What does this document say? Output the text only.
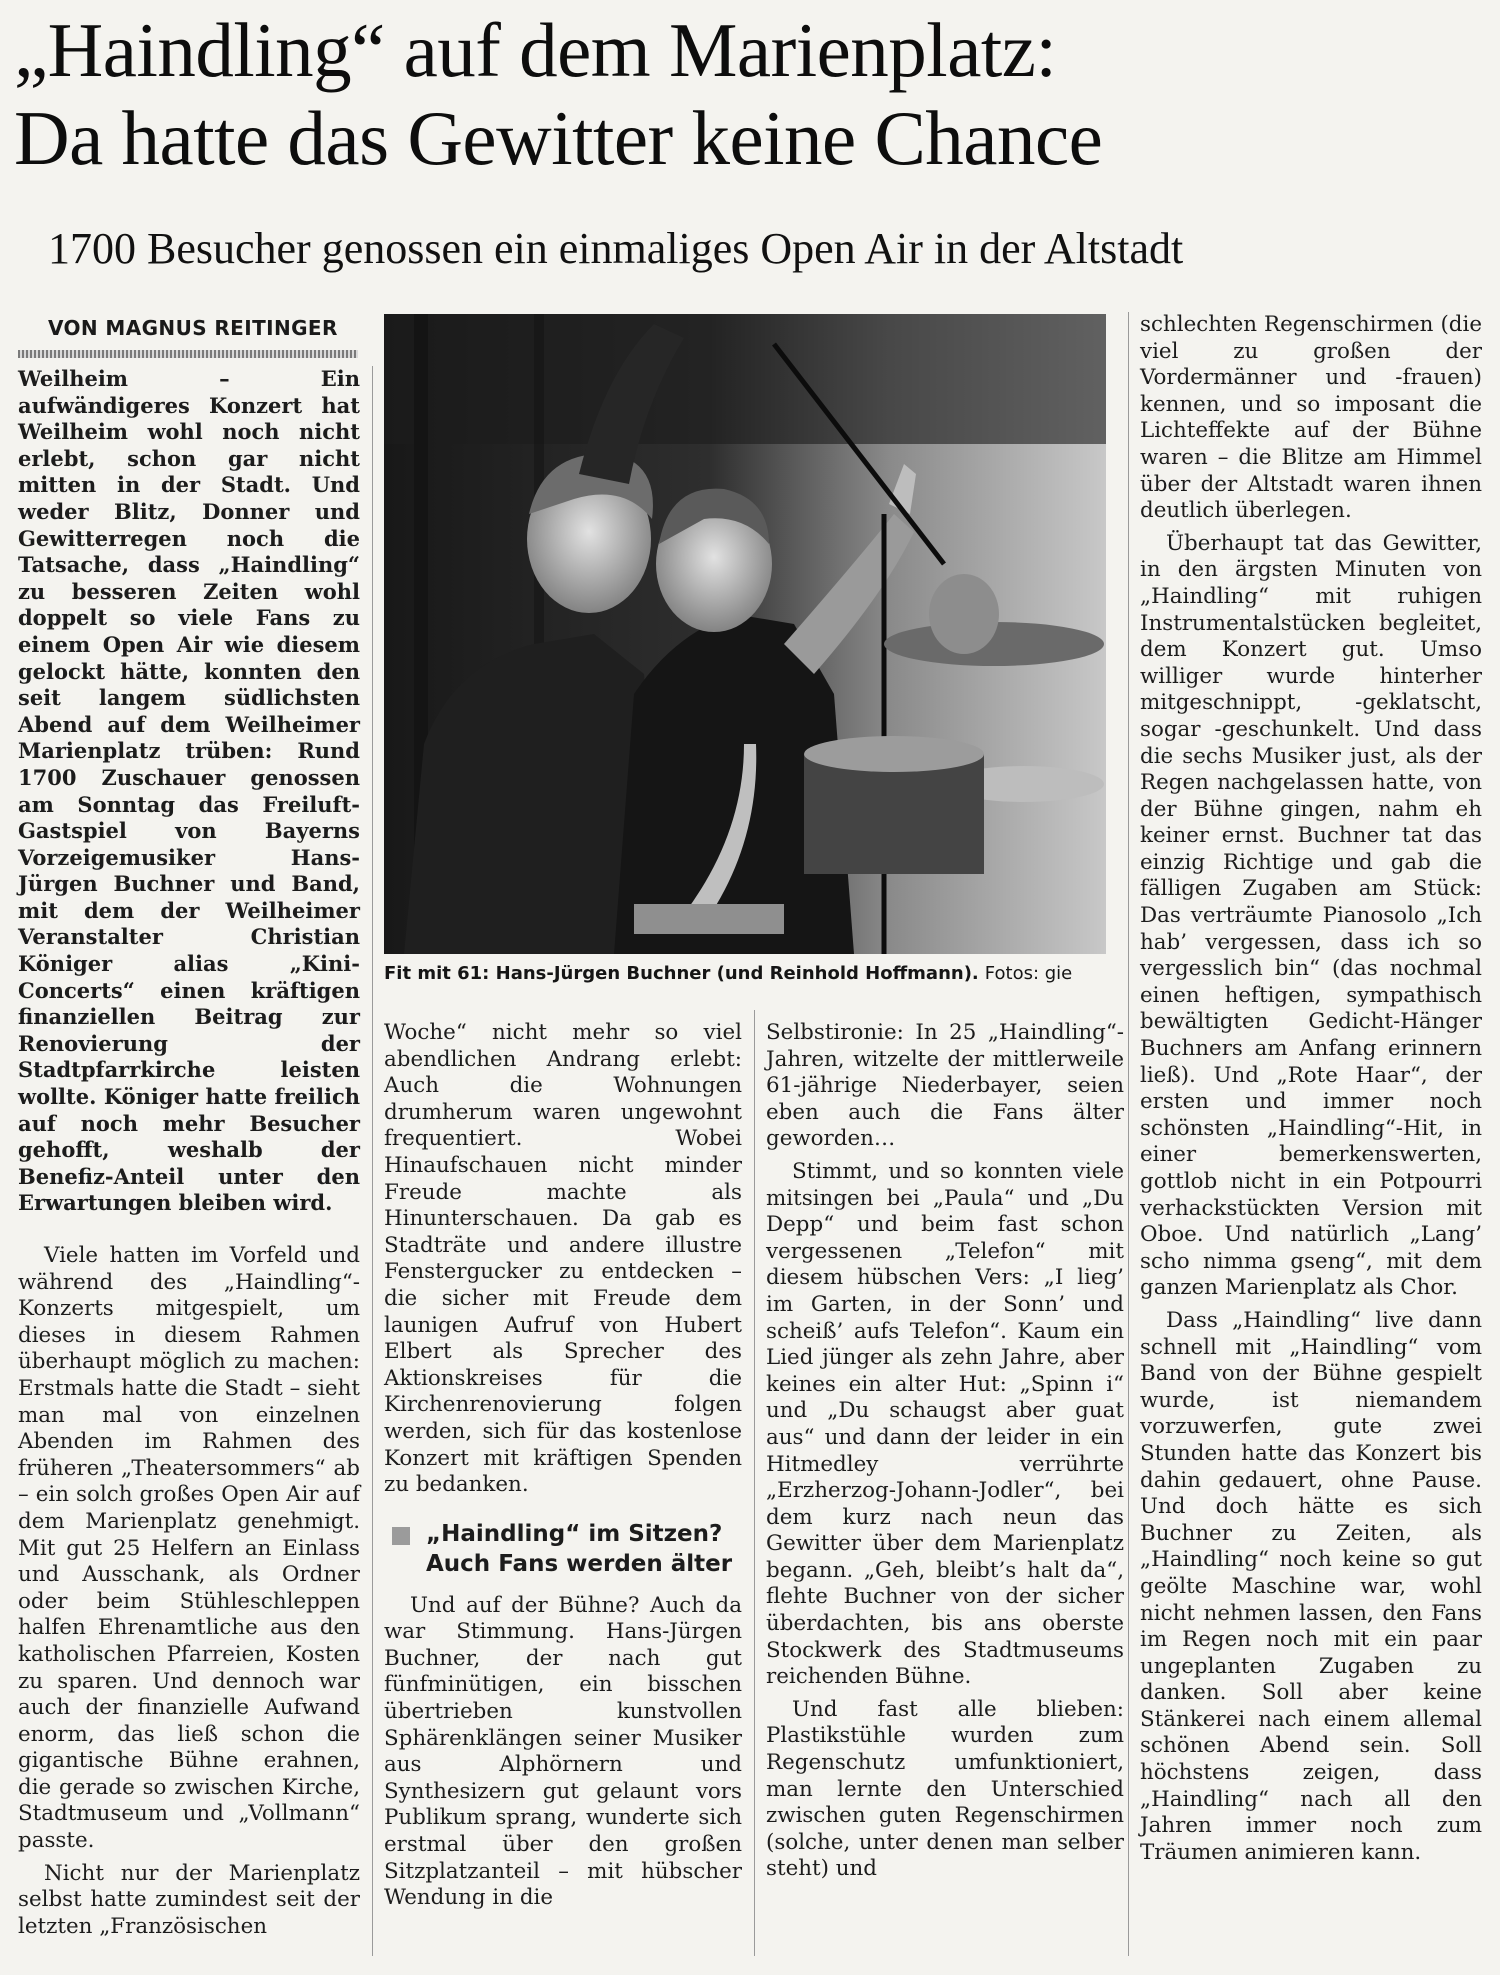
„Haindling“ auf dem Marienplatz:
Da hatte das Gewitter keine Chance
1700 Besucher genossen ein einmaliges Open Air in der Altstadt
VON MAGNUS REITINGER

Weilheim – Ein aufwändigeres Konzert hat Weilheim wohl noch nicht erlebt, schon gar nicht mitten in der Stadt. Und weder Blitz, Donner und Gewitterregen noch die Tatsache, dass „Haindling“ zu besseren Zeiten wohl doppelt so viele Fans zu einem Open Air wie diesem gelockt hätte, konnten den seit langem südlichsten Abend auf dem Weilheimer Marienplatz trüben: Rund 1700 Zuschauer genossen am Sonntag das Freiluft-Gastspiel von Bayerns Vorzeigemusiker Hans-Jürgen Buchner und Band, mit dem der Weilheimer Veranstalter Christian Königer alias „Kini-Concerts“ einen kräftigen finanziellen Beitrag zur Renovierung der Stadtpfarrkirche leisten wollte. Königer hatte freilich auf noch mehr Besucher gehofft, weshalb der Benefiz-Anteil unter den Erwartungen bleiben wird.

Viele hatten im Vorfeld und während des „Haindling“-Konzerts mitgespielt, um dieses in diesem Rahmen überhaupt möglich zu machen: Erstmals hatte die Stadt – sieht man mal von einzelnen Abenden im Rahmen des früheren „Theatersommers“ ab – ein solch großes Open Air auf dem Marienplatz genehmigt. Mit gut 25 Helfern an Einlass und Ausschank, als Ordner oder beim Stühleschleppen halfen Ehrenamtliche aus den katholischen Pfarreien, Kosten zu sparen. Und dennoch war auch der finanzielle Aufwand enorm, das ließ schon die gigantische Bühne erahnen, die gerade so zwischen Kirche, Stadtmuseum und „Vollmann“ passte.

Nicht nur der Marienplatz selbst hatte zumindest seit der letzten „Französischen

Fit mit 61: Hans-Jürgen Buchner (und Reinhold Hoffmann). Fotos: gie

Woche“ nicht mehr so viel abendlichen Andrang erlebt: Auch die Wohnungen drumherum waren ungewohnt frequentiert. Wobei Hinaufschauen nicht minder Freude machte als Hinunterschauen. Da gab es Stadträte und andere illustre Fenstergucker zu entdecken – die sicher mit Freude dem launigen Aufruf von Hubert Elbert als Sprecher des Aktionskreises für die Kirchenrenovierung folgen werden, sich für das kostenlose Konzert mit kräftigen Spenden zu bedanken.

„Haindling“ im Sitzen?
Auch Fans werden älter

Und auf der Bühne? Auch da war Stimmung. Hans-Jürgen Buchner, der nach gut fünfminütigen, ein bisschen übertrieben kunstvollen Sphärenklängen seiner Musiker aus Alphörnern und Synthesizern gut gelaunt vors Publikum sprang, wunderte sich erstmal über den großen Sitzplatzanteil – mit hübscher Wendung in die

Selbstironie: In 25 „Haindling“-Jahren, witzelte der mittlerweile 61-jährige Niederbayer, seien eben auch die Fans älter geworden…

Stimmt, und so konnten viele mitsingen bei „Paula“ und „Du Depp“ und beim fast schon vergessenen „Telefon“ mit diesem hübschen Vers: „I lieg’ im Garten, in der Sonn’ und scheiß’ aufs Telefon“. Kaum ein Lied jünger als zehn Jahre, aber keines ein alter Hut: „Spinn i“ und „Du schaugst aber guat aus“ und dann der leider in ein Hitmedley verrührte „Erzherzog-Johann-Jodler“, bei dem kurz nach neun das Gewitter über dem Marienplatz begann. „Geh, bleibt’s halt da“, flehte Buchner von der sicher überdachten, bis ans oberste Stockwerk des Stadtmuseums reichenden Bühne.

Und fast alle blieben: Plastikstühle wurden zum Regenschutz umfunktioniert, man lernte den Unterschied zwischen guten Regenschirmen (solche, unter denen man selber steht) und

schlechten Regenschirmen (die viel zu großen der Vordermänner und -frauen) kennen, und so imposant die Lichteffekte auf der Bühne waren – die Blitze am Himmel über der Altstadt waren ihnen deutlich überlegen.

Überhaupt tat das Gewitter, in den ärgsten Minuten von „Haindling“ mit ruhigen Instrumentalstücken begleitet, dem Konzert gut. Umso williger wurde hinterher mitgeschnippt, -geklatscht, sogar -geschunkelt. Und dass die sechs Musiker just, als der Regen nachgelassen hatte, von der Bühne gingen, nahm eh keiner ernst. Buchner tat das einzig Richtige und gab die fälligen Zugaben am Stück: Das verträumte Pianosolo „Ich hab’ vergessen, dass ich so vergesslich bin“ (das nochmal einen heftigen, sympathisch bewältigten Gedicht-Hänger Buchners am Anfang erinnern ließ). Und „Rote Haar“, der ersten und immer noch schönsten „Haindling“-Hit, in einer bemerkenswerten, gottlob nicht in ein Potpourri verhackstückten Version mit Oboe. Und natürlich „Lang’ scho nimma gseng“, mit dem ganzen Marienplatz als Chor.

Dass „Haindling“ live dann schnell mit „Haindling“ vom Band von der Bühne gespielt wurde, ist niemandem vorzuwerfen, gute zwei Stunden hatte das Konzert bis dahin gedauert, ohne Pause. Und doch hätte es sich Buchner zu Zeiten, als „Haindling“ noch keine so gut geölte Maschine war, wohl nicht nehmen lassen, den Fans im Regen noch mit ein paar ungeplanten Zugaben zu danken. Soll aber keine Stänkerei nach einem allemal schönen Abend sein. Soll höchstens zeigen, dass „Haindling“ nach all den Jahren immer noch zum Träumen animieren kann.
